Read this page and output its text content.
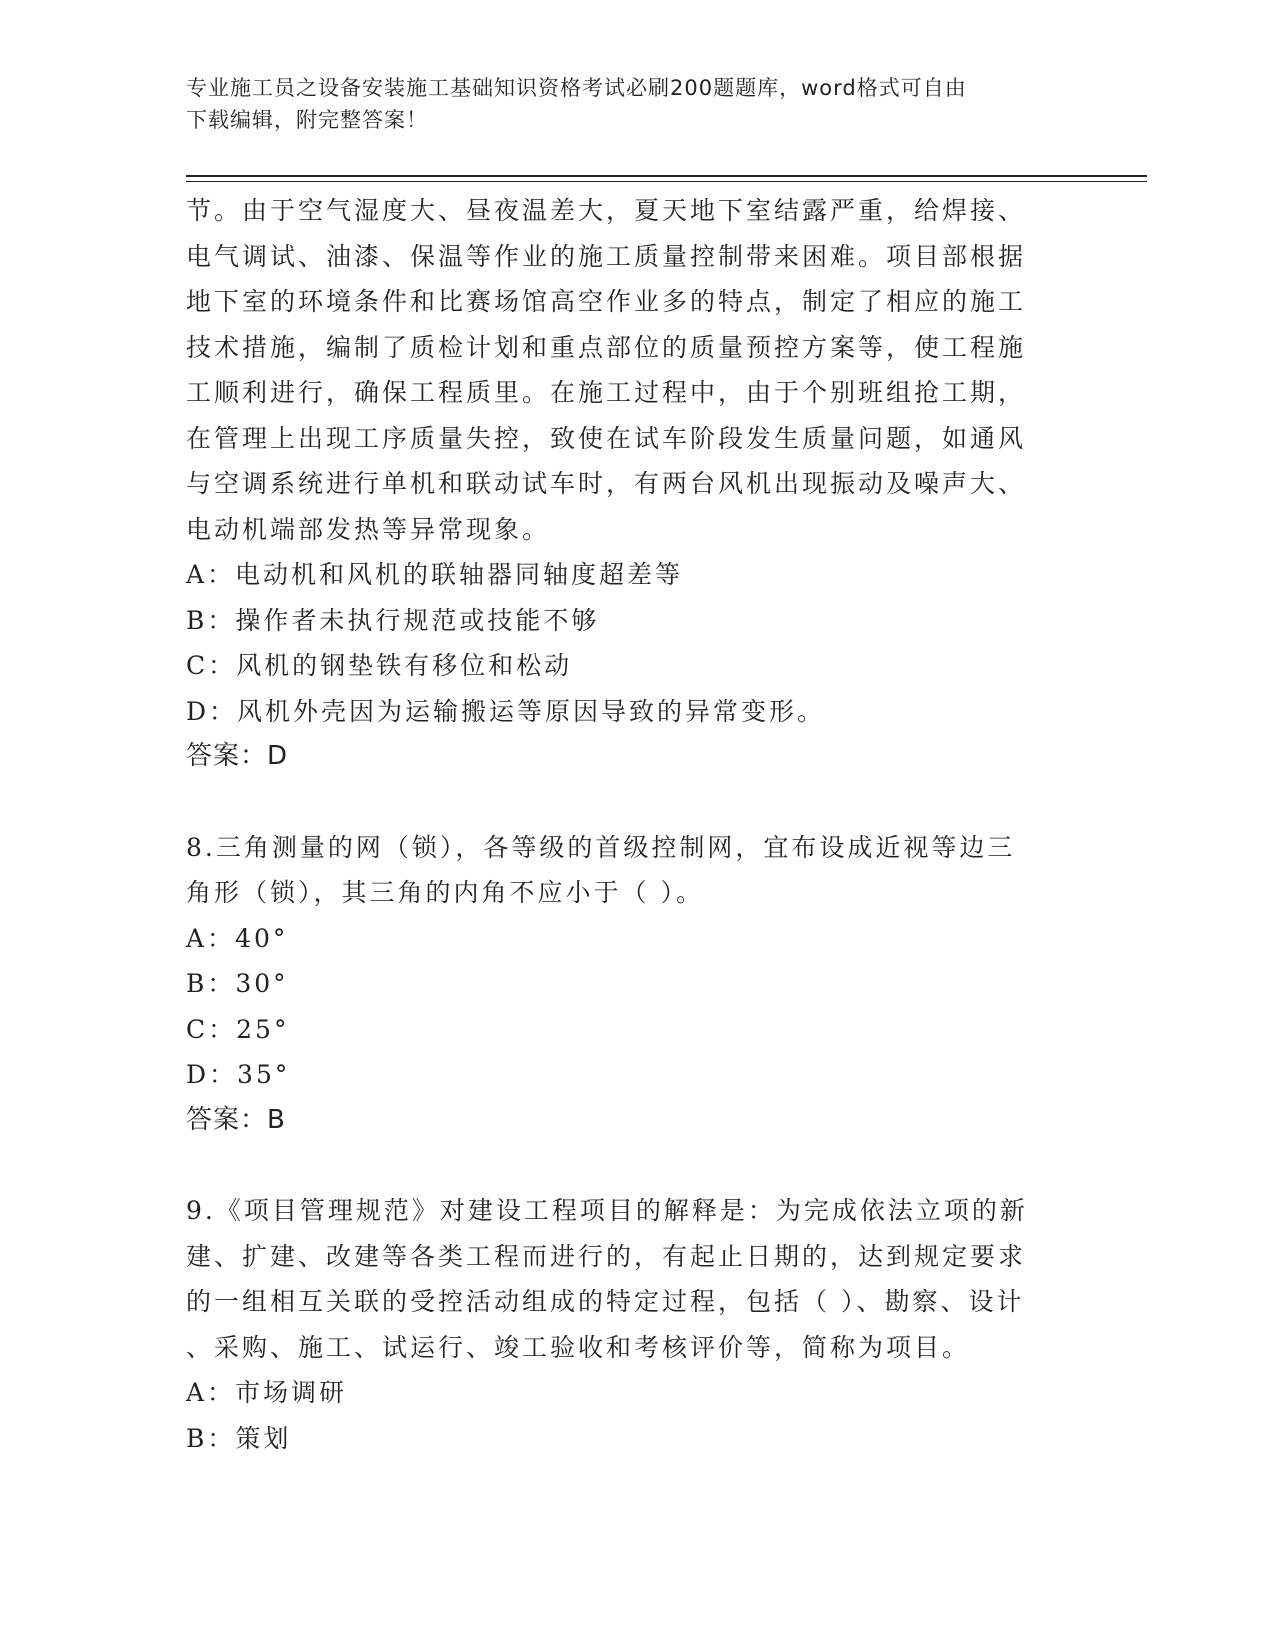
专业施工员之设备安装施工基础知识资格考试必刷200题题库，word格式可自由
下载编辑，附完整答案！

节。由于空气湿度大、昼夜温差大，夏天地下室结露严重，给焊接、

电气调试、油漆、保温等作业的施工质量控制带来困难。项目部根据

地下室的环境条件和比赛场馆高空作业多的特点，制定了相应的施工

技术措施，编制了质检计划和重点部位的质量预控方案等，使工程施

工顺利进行，确保工程质里。在施工过程中，由于个别班组抢工期，

在管理上出现工序质量失控，致使在试车阶段发生质量问题，如通风

与空调系统进行单机和联动试车时，有两台风机出现振动及噪声大、

电动机端部发热等异常现象。

A：电动机和风机的联轴器同轴度超差等

B：操作者未执行规范或技能不够

C：风机的钢垫铁有移位和松动

D：风机外壳因为运输搬运等原因导致的异常变形。

答案：D

8.三角测量的网（锁），各等级的首级控制网，宜布设成近视等边三

角形（锁），其三角的内角不应小于（ ）。

A：40°

B：30°

C：25°

D：35°

答案：B

9.《项目管理规范》对建设工程项目的解释是：为完成依法立项的新

建、扩建、改建等各类工程而进行的，有起止日期的，达到规定要求

的一组相互关联的受控活动组成的特定过程，包括（ ）、勘察、设计

、采购、施工、试运行、竣工验收和考核评价等，简称为项目。

A：市场调研

B：策划
